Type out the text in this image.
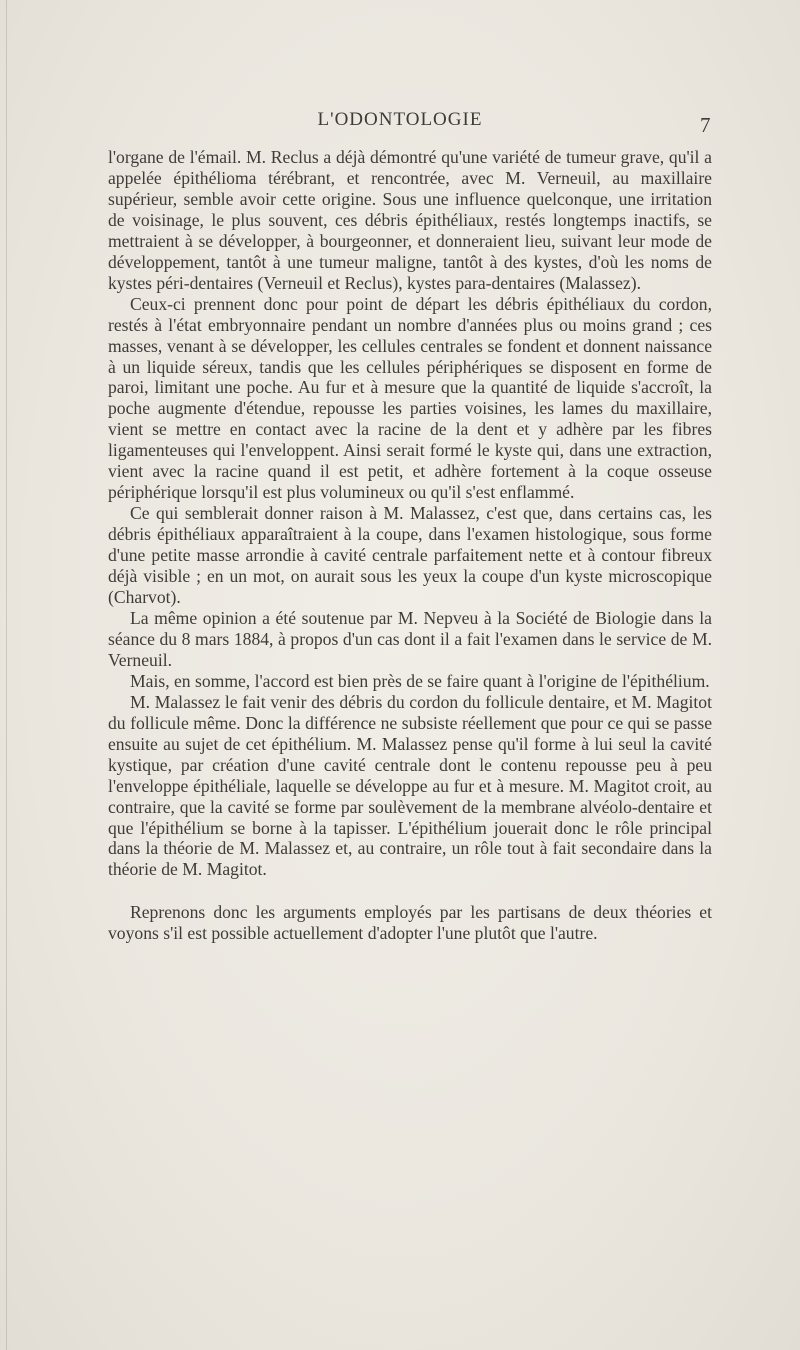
L'ODONTOLOGIE	7

l'organe de l'émail. M. Reclus a déjà démontré qu'une variété de tumeur grave, qu'il a appelée épithélioma térébrant, et rencontrée, avec M. Verneuil, au maxillaire supérieur, semble avoir cette origine. Sous une influence quelconque, une irritation de voisinage, le plus souvent, ces débris épithéliaux, restés longtemps inactifs, se mettraient à se développer, à bourgeonner, et donneraient lieu, suivant leur mode de développement, tantôt à une tumeur maligne, tantôt à des kystes, d'où les noms de kystes péri-dentaires (Verneuil et Reclus), kystes para-dentaires (Malassez).

Ceux-ci prennent donc pour point de départ les débris épithéliaux du cordon, restés à l'état embryonnaire pendant un nombre d'années plus ou moins grand ; ces masses, venant à se développer, les cellules centrales se fondent et donnent naissance à un liquide séreux, tandis que les cellules périphériques se disposent en forme de paroi, limitant une poche. Au fur et à mesure que la quantité de liquide s'accroît, la poche augmente d'étendue, repousse les parties voisines, les lames du maxillaire, vient se mettre en contact avec la racine de la dent et y adhère par les fibres ligamenteuses qui l'enveloppent. Ainsi serait formé le kyste qui, dans une extraction, vient avec la racine quand il est petit, et adhère fortement à la coque osseuse périphérique lorsqu'il est plus volumineux ou qu'il s'est enflammé.

Ce qui semblerait donner raison à M. Malassez, c'est que, dans certains cas, les débris épithéliaux apparaîtraient à la coupe, dans l'examen histologique, sous forme d'une petite masse arrondie à cavité centrale parfaitement nette et à contour fibreux déjà visible ; en un mot, on aurait sous les yeux la coupe d'un kyste microscopique (Charvot).

La même opinion a été soutenue par M. Nepveu à la Société de Biologie dans la séance du 8 mars 1884, à propos d'un cas dont il a fait l'examen dans le service de M. Verneuil.

Mais, en somme, l'accord est bien près de se faire quant à l'origine de l'épithélium.

M. Malassez le fait venir des débris du cordon du follicule dentaire, et M. Magitot du follicule même. Donc la différence ne subsiste réellement que pour ce qui se passe ensuite au sujet de cet épithélium. M. Malassez pense qu'il forme à lui seul la cavité kystique, par création d'une cavité centrale dont le contenu repousse peu à peu l'enveloppe épithéliale, laquelle se développe au fur et à mesure. M. Magitot croit, au contraire, que la cavité se forme par soulèvement de la membrane alvéolo-dentaire et que l'épithélium se borne à la tapisser. L'épithélium jouerait donc le rôle principal dans la théorie de M. Malassez et, au contraire, un rôle tout à fait secondaire dans la théorie de M. Magitot.

Reprenons donc les arguments employés par les partisans de deux théories et voyons s'il est possible actuellement d'adopter l'une plutôt que l'autre.
